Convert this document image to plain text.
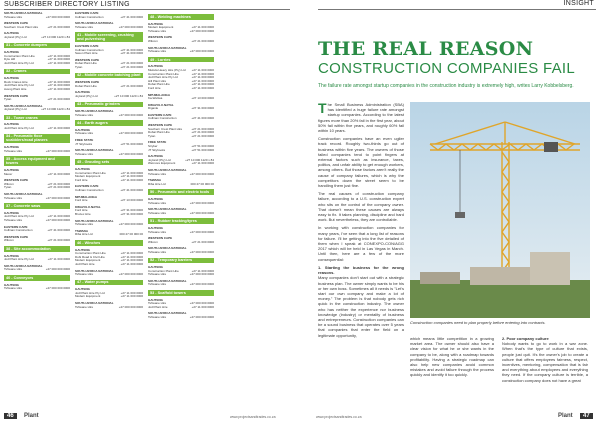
SUBSCRIBER DIRECTORY LISTING	INSIGHT
SOUTH AFRICA NATIONAL
Tshwane Hire	+27 000 000 0000
WESTERN CAPE
Southern Crest Plant Hire	+27 21 000 0000
GAUTENG
Joyland (Pty) Ltd	+27 10 000 1120 x 84
31 - Concrete dumpers
GAUTENG
Construction Plant Hire	+27 11 000 0000
Dyle Hill	+27 11 000 0000
Jodl Plant Hire Pty Ltd	+27 11 000 0000
32 - Cranes
GAUTENG
Rock Cranes Hire	+27 11 000 0000
Jodl Plant Hire Pty Ltd	+27 11 000 0000
Aveng Plant Hire	+27 11 000 0000
WESTERN CAPE
Tytan	+27 21 000 0000
SOUTH AFRICA NATIONAL
Joyland (Pty) Ltd	+27 10 000 1120 x 84
33 - Tower cranes
GAUTENG
Jodl Plant Hire Pty Ltd	+27 11 000 0000
34 - Pneumatic floor scabblers/road planers
GAUTENG
Tshwane Hire	+27 000 000 0000
35 - Access equipment and towers
GAUTENG
Mecer	+27 11 000 0000
WESTERN CAPE
Wilcom	+27 21 000 0000
Tytan	+27 21 000 0000
SOUTH AFRICA NATIONAL
Tshwane Hire	+27 000 000 0000
37 - Concrete saws
GAUTENG
Jodl Plant Hire Pty Ltd	+27 11 000 0000
Tshwane Hire	+27 000 000 0000
EASTERN CAPE
Cullinan Construction	+27 41 000 0000
WESTERN CAPE
Wilcom	+27 21 000 0000
38 - Site accommodation
GAUTENG
Jodl Plant Hire Pty Ltd	+27 11 000 0000
SOUTH AFRICA NATIONAL
Tshwane Hire	+27 000 000 0000
40 - Conveyors
GAUTENG
Tshwane Hire	+27 000 000 0000
EASTERN CAPE
Cullinan Construction	+27 41 000 0000
SOUTH AFRICA NATIONAL
Tshwane Hire	+27 000 000 0000
41 - Mobile screening, crushing and pulverising
EASTERN CAPE
Cullinan Construction	+27 41 000 0000
Saxon Plant Hire	+27 41 000 0000
WESTERN CAPE
Dubai Plant Hire	+27 21 000 0000
Tytan	+27 21 000 0000
42 - Mobile concrete batching plant
WESTERN CAPE
Dubai Plant Hire	+27 21 000 0000
GAUTENG
Joyland (Pty) Ltd	+27 10 000 1120 x 84
43 - Pneumatic grinders
SOUTH AFRICA NATIONAL
Tshwane Hire	+27 000 000 0000
44 - Earth augers
GAUTENG
Tshwane Hire	+27 000 000 0000
FREE STATE
JT Skyhooks	+27 51 000 0000
SOUTH AFRICA NATIONAL
Tshwane Hire	+27 000 000 0000
45 - Grouting sets
GAUTENG
Construction Plant Hire	+27 11 000 0000
Modern Equipment	+27 11 000 0000
Ford Hire	+27 11 000 0000
EASTERN CAPE
Cullinan Construction	+27 41 000 0000
MPUMALANGA
Ford Hire	+27 13 000 0000
KWAZULU-NATAL
Ford Hire	+27 31 000 0000
Bruzex Hire	+27 31 000 0000
SOUTH AFRICA NATIONAL
Tshwane Hire	+27 000 000 0000
TSWANA
Riba Hire Ltd	000 27 00 000 00
46 - Winches
GAUTENG
Construction Plant Hire	+27 11 000 0000
Dubi Road & Civil Hire	+27 11 000 0000
Modern Equipment	+27 11 000 0000
Jodl Plant Hire	+27 11 000 0000
SOUTH AFRICA NATIONAL
Tshwane Hire	+27 000 000 0000
47 - Water pumps
GAUTENG
Jodl Plant Hire Pty Ltd	+27 11 000 0000
Modern Equipment	+27 11 000 0000
SOUTH AFRICA NATIONAL
Tshwane Hire	+27 000 000 0000
48 - Welding machines
GAUTENG
Modern Equipment	+27 11 000 0000
Tshwane Hire	+27 000 000 0000
WESTERN CAPE
Wilcom	+27 21 000 0000
SOUTH AFRICA NATIONAL
Tshwane Hire	+27 000 000 0000
49 - Lorries
GAUTENG
Mukula Heavy Hire (Pty) Ltd +27 11 000 0000
Construction Plant Hire	+27 11 000 0000
Jodl Plant Hire Pty Ltd	+27 11 000 0000
Hill Plant Hire	+27 11 000 0000
Dubai Plant Hire	+27 11 000 0000
Ford Hire	+27 11 000 0000
MPUMALANGA
Ka-Weliwa	+27 13 000 0000
KWAZULU-NATAL
Diganle	+27 31 000 0000
EASTERN CAPE
Cullinan Construction	+27 41 000 0000
WESTERN CAPE
Southern Crest Plant Hire	+27 21 000 0000
Dubai Plant Hire	+27 21 000 0000
Tytan	+27 21 000 0000
FREE STATE
Stryker	+27 51 000 0000
JT Skyhooks	+27 51 000 0000
GAUTENG
Joyland (Pty) Ltd	+27 10 000 1120 x 84
Wetmore Equipment	+27 11 000 0000
SOUTH AFRICA NATIONAL
Tshwane Hire	+27 000 000 0000
TSWANA
Riba Hire Ltd	000 27 00 000 00
50 - Pneumatic and electric tools
GAUTENG
Tshwane Hire	+27 000 000 0000
SOUTH AFRICA NATIONAL
Tshwane Hire	+27 000 000 0000
51 - Rubber tracking/tyres
GAUTENG
Tshwane Hire	+27 000 000 0000
WESTERN CAPE
Wilcom	+27 21 000 0000
SOUTH AFRICA NATIONAL
Tshwane Hire	+27 000 000 0000
52 - Temporary barriers
GAUTENG
Construction Plant Hire	+27 11 000 0000
Tshwane Hire	+27 000 000 0000
SOUTH AFRICA NATIONAL
Tshwane Hire	+27 000 000 0000
53 - Scaffold towers
GAUTENG
Tshwane Hire	+27 000 000 0000
Jodl Plant Hire	+27 11 000 0000
SOUTH AFRICA NATIONAL
Tshwane Hire	+27 000 000 0000
THE REAL REASON
CONSTRUCTION COMPANIES FAIL
The failure rate amongst startup companies in the construction industry is extremely high, writes Larry Kobbelsberg.

The Small Business Administration (SBA) has identified a huge failure rate amongst startup companies. According to the latest figures more than 20% fail in the first year, about 50% fail within five years, and roughly 60% fail within 10 years.

Construction companies have an even uglier track record. Roughly two-thirds go out of business within five years. The owners of those failed companies tend to point fingers at external factors such as insurance, taxes, politics, and unfair ability to get enough workers, among others. But those factors aren't really the cause of company failures, which is why the competitors down the street seem to be handling them just fine.

The real causes of construction company failure, according to a U.S. construction expert who sits on the control of the company owner. That doesn't mean these causes are always easy to fix. It takes planning, discipline and hard work. But nevertheless, they are controllable.

In working with construction companies for many years, I've seen that a long list of reasons for failure. I'll be getting into the five detailed of them when I speak at CONEXPO-CON/AGG 2017 which will be held in Las Vegas in March. Until then, here are a few of the more consequential:

1. Starting the business for the wrong reasons.
Many companies don't start out with a strategic business plan. The owner simply wants to be his or her own boss. Sometimes all it needs is "Let's start our own company and make a lot of money." The problem is that nobody gets rich quick in the construction industry. The owner who has neither the experience nor business knowledge (industry) or mentality of business and entrepreneurs. Construction companies can be a sound business that operates over 5 years that companies that enter the field on a legitimate opportunity,

Construction companies need to plan properly before entering into contracts.

which means little competition in a growing market area. The owner should also have a clear vision for what he or she wants in the company to be, along with a roadmap towards profitability. Having a strategic roadmap can also help new companies avoid common mistakes and avoid failure through the process quickly and identify it too quickly.

2. Poor company culture
Nobody wants to go to work in a war zone. When that's the type of culture that exists, people just quit. It's the owner's job to create a culture that offers employees fairness, respect, incentives, mentoring, compensation that is fair and everything about employees and everything they need. If the company culture is terrible, a construction company does not have a great

46	Plant	www.projectsandtrades.co.za	www.projectsandtrades.co.za	Plant	47
